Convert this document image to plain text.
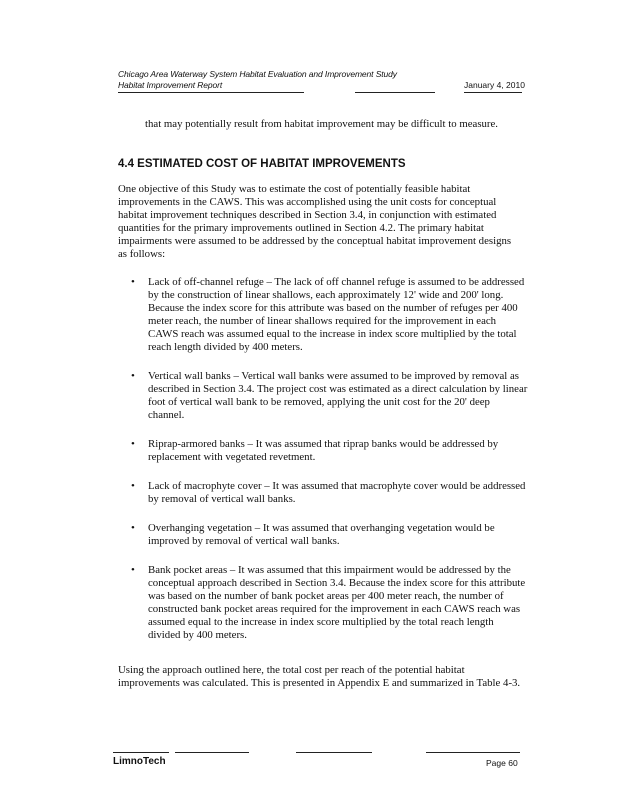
Chicago Area Waterway System Habitat Evaluation and Improvement Study
Habitat Improvement Report	January 4, 2010
that may potentially result from habitat improvement may be difficult to measure.
4.4 ESTIMATED COST OF HABITAT IMPROVEMENTS
One objective of this Study was to estimate the cost of potentially feasible habitat improvements in the CAWS. This was accomplished using the unit costs for conceptual habitat improvement techniques described in Section 3.4, in conjunction with estimated quantities for the primary improvements outlined in Section 4.2. The primary habitat impairments were assumed to be addressed by the conceptual habitat improvement designs as follows:
• Lack of off-channel refuge – The lack of off channel refuge is assumed to be addressed by the construction of linear shallows, each approximately 12' wide and 200' long. Because the index score for this attribute was based on the number of refuges per 400 meter reach, the number of linear shallows required for the improvement in each CAWS reach was assumed equal to the increase in index score multiplied by the total reach length divided by 400 meters.
• Vertical wall banks – Vertical wall banks were assumed to be improved by removal as described in Section 3.4. The project cost was estimated as a direct calculation by linear foot of vertical wall bank to be removed, applying the unit cost for the 20' deep channel.
• Riprap-armored banks – It was assumed that riprap banks would be addressed by replacement with vegetated revetment.
• Lack of macrophyte cover – It was assumed that macrophyte cover would be addressed by removal of vertical wall banks.
• Overhanging vegetation – It was assumed that overhanging vegetation would be improved by removal of vertical wall banks.
• Bank pocket areas – It was assumed that this impairment would be addressed by the conceptual approach described in Section 3.4. Because the index score for this attribute was based on the number of bank pocket areas per 400 meter reach, the number of constructed bank pocket areas required for the improvement in each CAWS reach was assumed equal to the increase in index score multiplied by the total reach length divided by 400 meters.
Using the approach outlined here, the total cost per reach of the potential habitat improvements was calculated. This is presented in Appendix E and summarized in Table 4-3.
LimnoTech	Page 60
